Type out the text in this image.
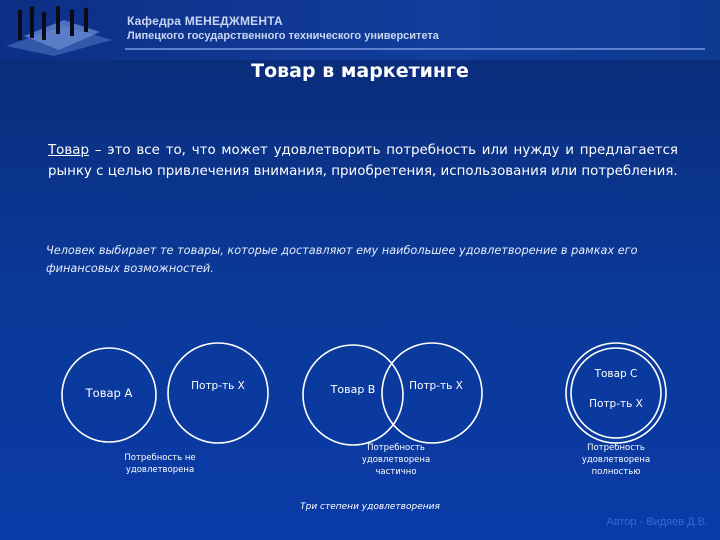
Кафедра МЕНЕДЖМЕНТА
Липецкого государственного технического университета
Товар в маркетинге
Товар – это все то, что может удовлетворить потребность или нужду и предлагается рынку с целью привлечения внимания, приобретения, использования или потребления.
Человек выбирает те товары, которые доставляют ему наибольшее удовлетворение в рамках его финансовых возможностей.
Товар А	Потр-ть Х
Потребность не удовлетворена
Товар В	Потр-ть Х
Потребность удовлетворена частично
Товар С
Потр-ть Х
Потребность удовлетворена полностью
Три степени удовлетворения
Автор - Видяев Д.В.
